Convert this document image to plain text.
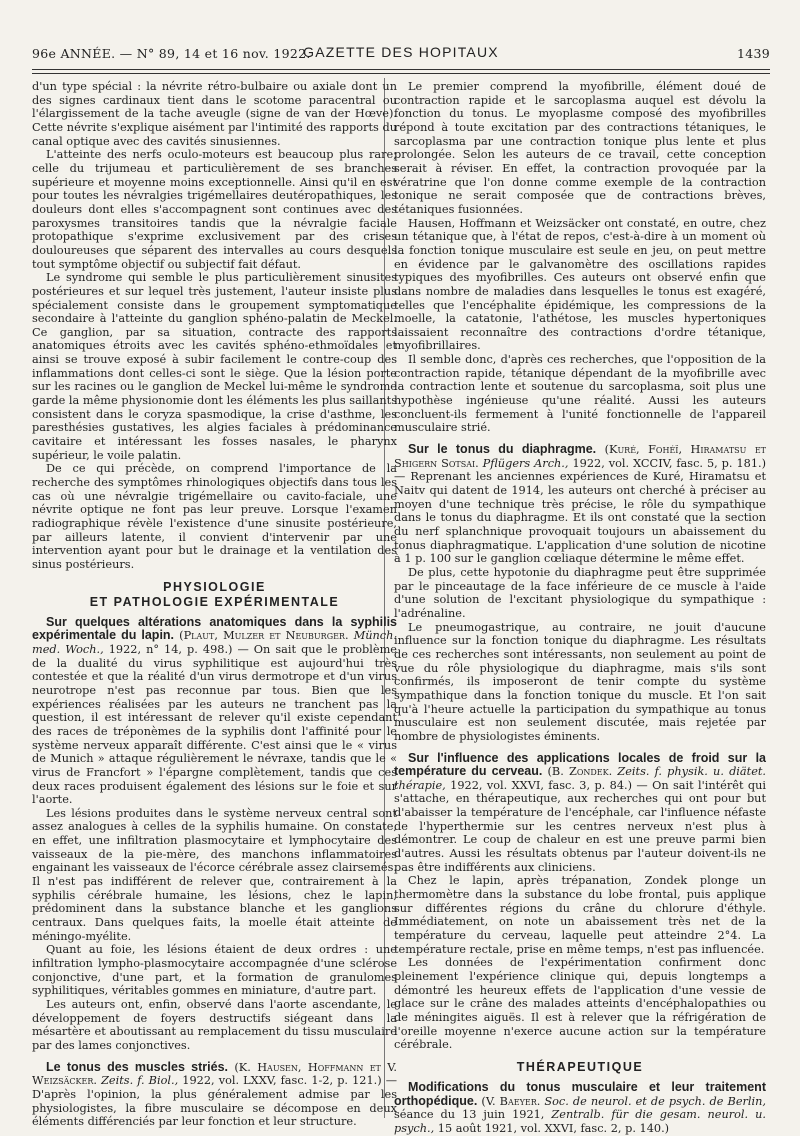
96e ANNÉE. — N° 89, 14 et 16 nov. 1922.
GAZETTE DES HOPITAUX	1439

d'un type spécial : la névrite rétro-bulbaire ou axiale dont un des signes cardinaux tient dans le scotome paracentral ou l'élargissement de la tache aveugle (signe de van der Hœve). Cette névrite s'explique aisément par l'intimité des rapports du canal optique avec des cavités sinusiennes.

L'atteinte des nerfs oculo-moteurs est beaucoup plus rare; celle du trijumeau et particulièrement de ses branches supérieure et moyenne moins exceptionnelle. Ainsi qu'il en est pour toutes les névralgies trigémellaires deutéropathiques, les douleurs dont elles s'accompagnent sont continues avec des paroxysmes transitoires tandis que la névralgie faciale protopathique s'exprime exclusivement par des crises douloureuses que séparent des intervalles au cours desquels tout symptôme objectif ou subjectif fait défaut.

Le syndrome qui semble le plus particulièrement sinusites postérieures et sur lequel très justement, l'auteur insiste plus spécialement consiste dans le groupement symptomatique secondaire à l'atteinte du ganglion sphéno-palatin de Meckel. Ce ganglion, par sa situation, contracte des rapports anatomiques étroits avec les cavités sphéno-ethmoïdales et ainsi se trouve exposé à subir facilement le contre-coup des inflammations dont celles-ci sont le siège. Que la lésion porte sur les racines ou le ganglion de Meckel lui-même le syndrome garde la même physionomie dont les éléments les plus saillants consistent dans le coryza spasmodique, la crise d'asthme, les paresthésies gustatives, les algies faciales à prédominance cavitaire et intéressant les fosses nasales, le pharynx supérieur, le voile palatin.

De ce qui précède, on comprend l'importance de la recherche des symptômes rhinologiques objectifs dans tous les cas où une névralgie trigémellaire ou cavito-faciale, une névrite optique ne font pas leur preuve. Lorsque l'examen radiographique révèle l'existence d'une sinusite postérieure, par ailleurs latente, il convient d'intervenir par une intervention ayant pour but le drainage et la ventilation des sinus postérieurs.

PHYSIOLOGIE
ET PATHOLOGIE EXPÉRIMENTALE

Sur quelques altérations anatomiques dans la syphilis expérimentale du lapin. (Plaut, Mulzer et Neuburger. Münch. med. Woch., 1922, n° 14, p. 498.) — On sait que le problème de la dualité du virus syphilitique est aujourd'hui très contestée et que la réalité d'un virus dermotrope et d'un virus neurotrope n'est pas reconnue par tous. Bien que les expériences réalisées par les auteurs ne tranchent pas la question, il est intéressant de relever qu'il existe cependant des races de tréponèmes de la syphilis dont l'affinité pour le système nerveux apparaît différente. C'est ainsi que le « virus de Munich » attaque régulièrement le névraxe, tandis que le « virus de Francfort » l'épargne complètement, tandis que ces deux races produisent également des lésions sur le foie et sur l'aorte.

Les lésions produites dans le système nerveux central sont assez analogues à celles de la syphilis humaine. On constate, en effet, une infiltration plasmocytaire et lymphocytaire des vaisseaux de la pie-mère, des manchons inflammatoires engainant les vaisseaux de l'écorce cérébrale assez clairsemés. Il n'est pas indifférent de relever que, contrairement à la syphilis cérébrale humaine, les lésions, chez le lapin, prédominent dans la substance blanche et les ganglions centraux. Dans quelques faits, la moelle était atteinte de méningo-myélite.

Quant au foie, les lésions étaient de deux ordres : une infiltration lympho-plasmocytaire accompagnée d'une sclérose conjonctive, d'une part, et la formation de granulomes syphilitiques, véritables gommes en miniature, d'autre part.

Les auteurs ont, enfin, observé dans l'aorte ascendante, le développement de foyers destructifs siégeant dans la mésartère et aboutissant au remplacement du tissu musculaire par des lames conjonctives.

Le tonus des muscles striés. (K. Hausen, Hoffmann et V. Weizsäcker. Zeits. f. Biol., 1922, vol. LXXV, fasc. 1-2, p. 121.) — D'après l'opinion, la plus généralement admise par les physiologistes, la fibre musculaire se décompose en deux éléments différenciés par leur fonction et leur structure.

Le premier comprend la myofibrille, élément doué de contraction rapide et le sarcoplasma auquel est dévolu la fonction du tonus. Le myoplasme composé des myofibrilles répond à toute excitation par des contractions tétaniques, le sarcoplasma par une contraction tonique plus lente et plus prolongée. Selon les auteurs de ce travail, cette conception serait à réviser. En effet, la contraction provoquée par la vératrine que l'on donne comme exemple de la contraction tonique ne serait composée que de contractions brèves, tétaniques fusionnées.

Hausen, Hoffmann et Weizsäcker ont constaté, en outre, chez un tétanique que, à l'état de repos, c'est-à-dire à un moment où la fonction tonique musculaire est seule en jeu, on peut mettre en évidence par le galvanomètre des oscillations rapides typiques des myofibrilles. Ces auteurs ont observé enfin que dans nombre de maladies dans lesquelles le tonus est exagéré, telles que l'encéphalite épidémique, les compressions de la moelle, la catatonie, l'athétose, les muscles hypertoniques laissaient reconnaître des contractions d'ordre tétanique, myofibrillaires.

Il semble donc, d'après ces recherches, que l'opposition de la contraction rapide, tétanique dépendant de la myofibrille avec la contraction lente et soutenue du sarcoplasma, soit plus une hypothèse ingénieuse qu'une réalité. Aussi les auteurs concluent-ils fermement à l'unité fonctionnelle de l'appareil musculaire strié.

Sur le tonus du diaphragme. (Kuré, Fohéï, Hiramatsu et Shigern Sotsai. Pflügers Arch., 1922, vol. XCCIV, fasc. 5, p. 181.) — Reprenant les anciennes expériences de Kuré, Hiramatsu et Naitv qui datent de 1914, les auteurs ont cherché à préciser au moyen d'une technique très précise, le rôle du sympathique dans le tonus du diaphragme. Et ils ont constaté que la section du nerf splanchnique provoquait toujours un abaissement du tonus diaphragmatique. L'application d'une solution de nicotine à 1 p. 100 sur le ganglion cœliaque détermine le même effet.

De plus, cette hypotonie du diaphragme peut être supprimée par le pinceautage de la face inférieure de ce muscle à l'aide d'une solution de l'excitant physiologique du sympathique : l'adrénaline.

Le pneumogastrique, au contraire, ne jouit d'aucune influence sur la fonction tonique du diaphragme. Les résultats de ces recherches sont intéressants, non seulement au point de vue du rôle physiologique du diaphragme, mais s'ils sont confirmés, ils imposeront de tenir compte du système sympathique dans la fonction tonique du muscle. Et l'on sait qu'à l'heure actuelle la participation du sympathique au tonus musculaire est non seulement discutée, mais rejetée par nombre de physiologistes éminents.

Sur l'influence des applications locales de froid sur la température du cerveau. (B. Zondek. Zeits. f. physik. u. diätet. thérapie, 1922, vol. XXVI, fasc. 3, p. 84.) — On sait l'intérêt qui s'attache, en thérapeutique, aux recherches qui ont pour but d'abaisser la température de l'encéphale, car l'influence néfaste de l'hyperthermie sur les centres nerveux n'est plus à démontrer. Le coup de chaleur en est une preuve parmi bien d'autres. Aussi les résultats obtenus par l'auteur doivent-ils ne pas être indifférents aux cliniciens.

Chez le lapin, après trépanation, Zondek plonge un thermomètre dans la substance du lobe frontal, puis applique sur différentes régions du crâne du chlorure d'éthyle. Immédiatement, on note un abaissement très net de la température du cerveau, laquelle peut atteindre 2°4. La température rectale, prise en même temps, n'est pas influencée.

Les données de l'expérimentation confirment donc pleinement l'expérience clinique qui, depuis longtemps a démontré les heureux effets de l'application d'une vessie de glace sur le crâne des malades atteints d'encéphalopathies ou de méningites aiguës. Il est à relever que la réfrigération de l'oreille moyenne n'exerce aucune action sur la température cérébrale.

THÉRAPEUTIQUE

Modifications du tonus musculaire et leur traitement orthopédique. (V. Baeyer. Soc. de neurol. et de psych. de Berlin, séance du 13 juin 1921, Zentralb. für die gesam. neurol. u. psych., 15 août 1921, vol. XXVI, fasc. 2, p. 140.)
